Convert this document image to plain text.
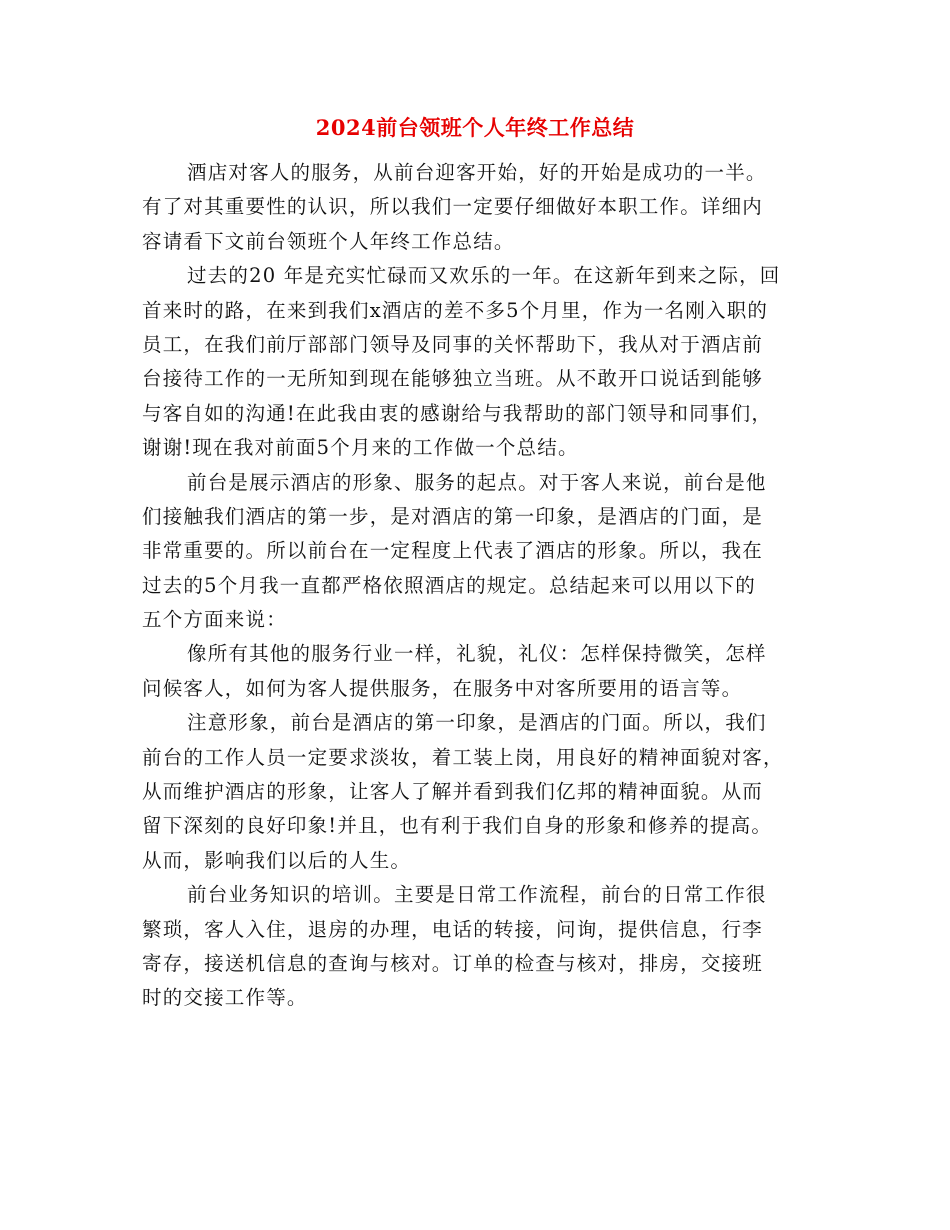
2024前台领班个人年终工作总结
酒店对客人的服务，从前台迎客开始，好的开始是成功的一半。
有了对其重要性的认识，所以我们一定要仔细做好本职工作。详细内
容请看下文前台领班个人年终工作总结。
过去的20 年是充实忙碌而又欢乐的一年。在这新年到来之际，回
首来时的路，在来到我们x酒店的差不多5个月里，作为一名刚入职的
员工，在我们前厅部部门领导及同事的关怀帮助下，我从对于酒店前
台接待工作的一无所知到现在能够独立当班。从不敢开口说话到能够
与客自如的沟通!在此我由衷的感谢给与我帮助的部门领导和同事们，
谢谢!现在我对前面5个月来的工作做一个总结。
前台是展示酒店的形象、服务的起点。对于客人来说，前台是他
们接触我们酒店的第一步，是对酒店的第一印象，是酒店的门面，是
非常重要的。所以前台在一定程度上代表了酒店的形象。所以，我在
过去的5个月我一直都严格依照酒店的规定。总结起来可以用以下的
五个方面来说：
像所有其他的服务行业一样，礼貌，礼仪：怎样保持微笑，怎样
问候客人，如何为客人提供服务，在服务中对客所要用的语言等。
注意形象，前台是酒店的第一印象，是酒店的门面。所以，我们
前台的工作人员一定要求淡妆，着工装上岗，用良好的精神面貌对客，
从而维护酒店的形象，让客人了解并看到我们亿邦的精神面貌。从而
留下深刻的良好印象!并且，也有利于我们自身的形象和修养的提高。
从而，影响我们以后的人生。
前台业务知识的培训。主要是日常工作流程，前台的日常工作很
繁琐，客人入住，退房的办理，电话的转接，问询，提供信息，行李
寄存，接送机信息的查询与核对。订单的检查与核对，排房，交接班
时的交接工作等。
